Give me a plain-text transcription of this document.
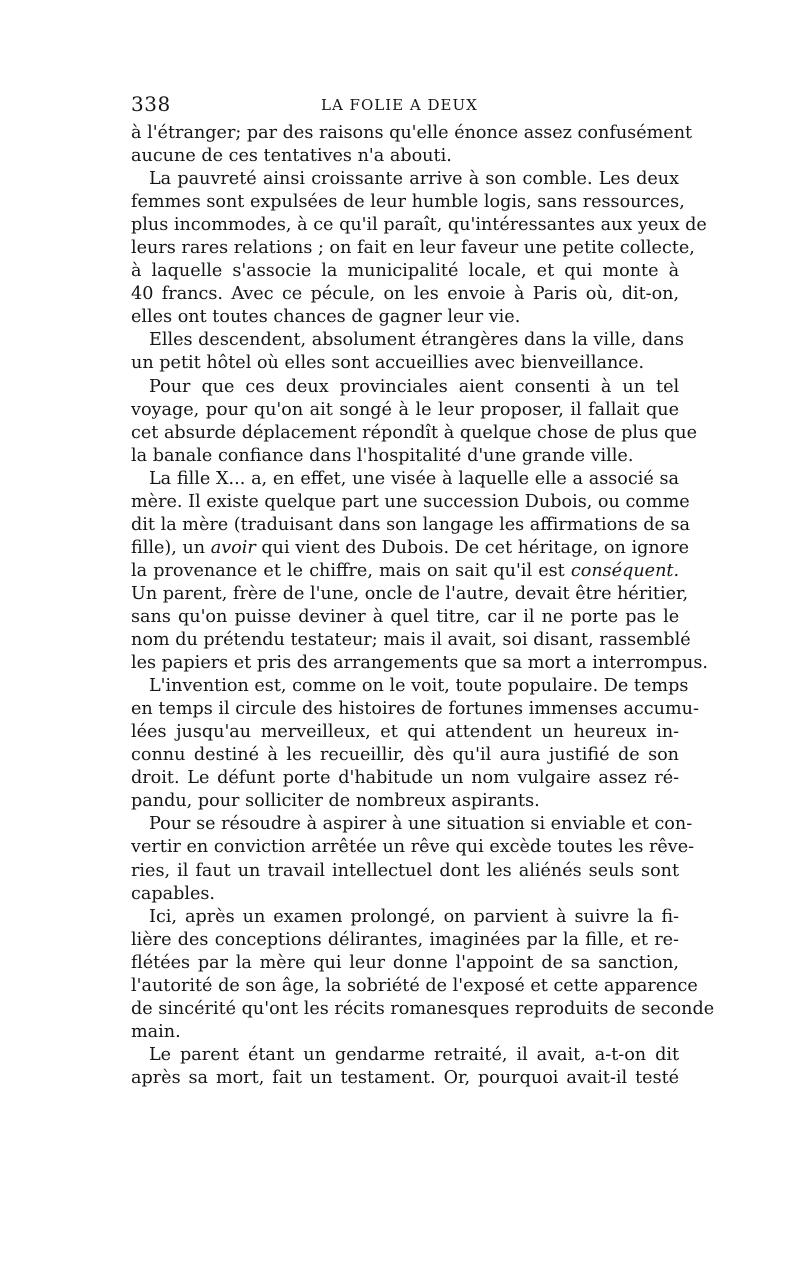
338	LA FOLIE A DEUX
à l'étranger; par des raisons qu'elle énonce assez confusément
aucune de ces tentatives n'a abouti.
La pauvreté ainsi croissante arrive à son comble. Les deux
femmes sont expulsées de leur humble logis, sans ressources,
plus incommodes, à ce qu'il paraît, qu'intéressantes aux yeux de
leurs rares relations ; on fait en leur faveur une petite collecte,
à laquelle s'associe la municipalité locale, et qui monte à
40 francs. Avec ce pécule, on les envoie à Paris où, dit-on,
elles ont toutes chances de gagner leur vie.
Elles descendent, absolument étrangères dans la ville, dans
un petit hôtel où elles sont accueillies avec bienveillance.
Pour que ces deux provinciales aient consenti à un tel
voyage, pour qu'on ait songé à le leur proposer, il fallait que
cet absurde déplacement répondît à quelque chose de plus que
la banale confiance dans l'hospitalité d'une grande ville.
La fille X... a, en effet, une visée à laquelle elle a associé sa
mère. Il existe quelque part une succession Dubois, ou comme
dit la mère (traduisant dans son langage les affirmations de sa
fille), un avoir qui vient des Dubois. De cet héritage, on ignore
la provenance et le chiffre, mais on sait qu'il est conséquent.
Un parent, frère de l'une, oncle de l'autre, devait être héritier,
sans qu'on puisse deviner à quel titre, car il ne porte pas le
nom du prétendu testateur; mais il avait, soi disant, rassemblé
les papiers et pris des arrangements que sa mort a interrompus.
L'invention est, comme on le voit, toute populaire. De temps
en temps il circule des histoires de fortunes immenses accumu-
lées jusqu'au merveilleux, et qui attendent un heureux in-
connu destiné à les recueillir, dès qu'il aura justifié de son
droit. Le défunt porte d'habitude un nom vulgaire assez ré-
pandu, pour solliciter de nombreux aspirants.
Pour se résoudre à aspirer à une situation si enviable et con-
vertir en conviction arrêtée un rêve qui excède toutes les rêve-
ries, il faut un travail intellectuel dont les aliénés seuls sont
capables.
Ici, après un examen prolongé, on parvient à suivre la fi-
lière des conceptions délirantes, imaginées par la fille, et re-
flétées par la mère qui leur donne l'appoint de sa sanction,
l'autorité de son âge, la sobriété de l'exposé et cette apparence
de sincérité qu'ont les récits romanesques reproduits de seconde
main.
Le parent étant un gendarme retraité, il avait, a-t-on dit
après sa mort, fait un testament. Or, pourquoi avait-il testé
